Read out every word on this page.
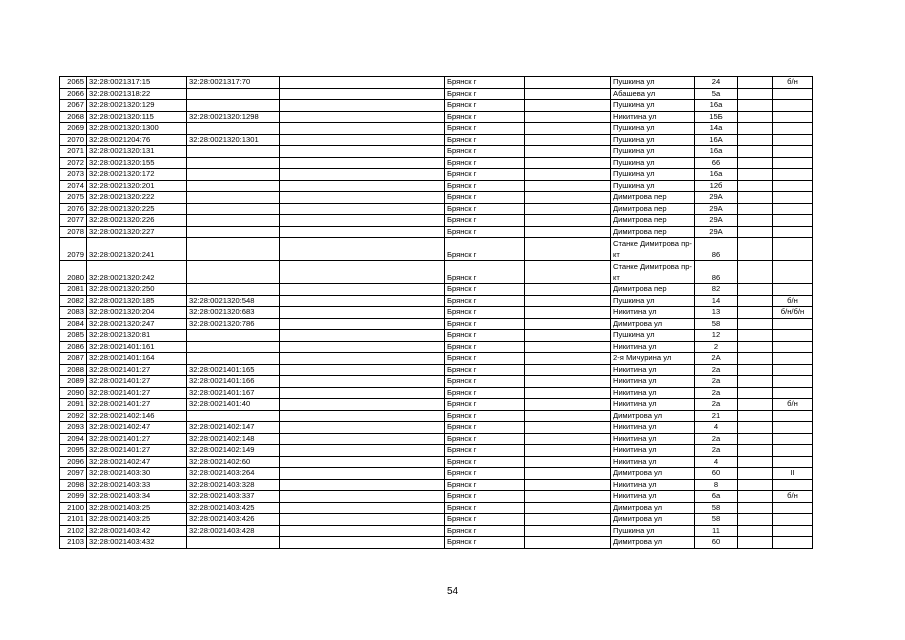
2065	32:28:0021317:15	32:28:0021317:70		Брянск г		Пушкина ул	24		б/н
2066	32:28:0021318:22			Брянск г		Абашева ул	5а		
2067	32:28:0021320:129			Брянск г		Пушкина ул	16а		
2068	32:28:0021320:115	32:28:0021320:1298		Брянск г		Никитина ул	15Б		
2069	32:28:0021320:1300			Брянск г		Пушкина ул	14а		
2070	32:28:0021204:76	32:28:0021320:1301		Брянск г		Пушкина ул	16А		
2071	32:28:0021320:131			Брянск г		Пушкина ул	16а		
2072	32:28:0021320:155			Брянск г		Пушкина ул	66		
2073	32:28:0021320:172			Брянск г		Пушкина ул	16а		
2074	32:28:0021320:201			Брянск г		Пушкина ул	12б		
2075	32:28:0021320:222			Брянск г		Димитрова пер	29А		
2076	32:28:0021320:225			Брянск г		Димитрова пер	29А		
2077	32:28:0021320:226			Брянск г		Димитрова пер	29А		
2078	32:28:0021320:227			Брянск г		Димитрова пер	29А		
2079	32:28:0021320:241			Брянск г		Станке Димитрова пр-кт	86		
2080	32:28:0021320:242			Брянск г		Станке Димитрова пр-кт	86		
2081	32:28:0021320:250			Брянск г		Димитрова пер	82		
2082	32:28:0021320:185	32:28:0021320:548		Брянск г		Пушкина ул	14		б/н
2083	32:28:0021320:204	32:28:0021320:683		Брянск г		Никитина ул	13		б/н/б/н
2084	32:28:0021320:247	32:28:0021320:786		Брянск г		Димитрова ул	58		
2085	32:28:0021320:81			Брянск г		Пушкина ул	12		
2086	32:28:0021401:161			Брянск г		Никитина ул	2		
2087	32:28:0021401:164			Брянск г		2-я Мичурина ул	2А		
2088	32:28:0021401:27	32:28:0021401:165		Брянск г		Никитина ул	2а		
2089	32:28:0021401:27	32:28:0021401:166		Брянск г		Никитина ул	2а		
2090	32:28:0021401:27	32:28:0021401:167		Брянск г		Никитина ул	2а		
2091	32:28:0021401:27	32:28:0021401:40		Брянск г		Никитина ул	2а		б/н
2092	32:28:0021402:146			Брянск г		Димитрова ул	21		
2093	32:28:0021402:47	32:28:0021402:147		Брянск г		Никитина ул	4		
2094	32:28:0021401:27	32:28:0021402:148		Брянск г		Никитина ул	2а		
2095	32:28:0021401:27	32:28:0021402:149		Брянск г		Никитина ул	2а		
2096	32:28:0021402:47	32:28:0021402:60		Брянск г		Никитина ул	4		
2097	32:28:0021403:30	32:28:0021403:264		Брянск г		Димитрова ул	60		II
2098	32:28:0021403:33	32:28:0021403:328		Брянск г		Никитина ул	8		
2099	32:28:0021403:34	32:28:0021403:337		Брянск г		Никитина ул	6а		б/н
2100	32:28:0021403:25	32:28:0021403:425		Брянск г		Димитрова ул	58		
2101	32:28:0021403:25	32:28:0021403:426		Брянск г		Димитрова ул	58		
2102	32:28:0021403:42	32:28:0021403:428		Брянск г		Пушкина ул	11		
2103	32:28:0021403:432			Брянск г		Димитрова ул	60		
54
